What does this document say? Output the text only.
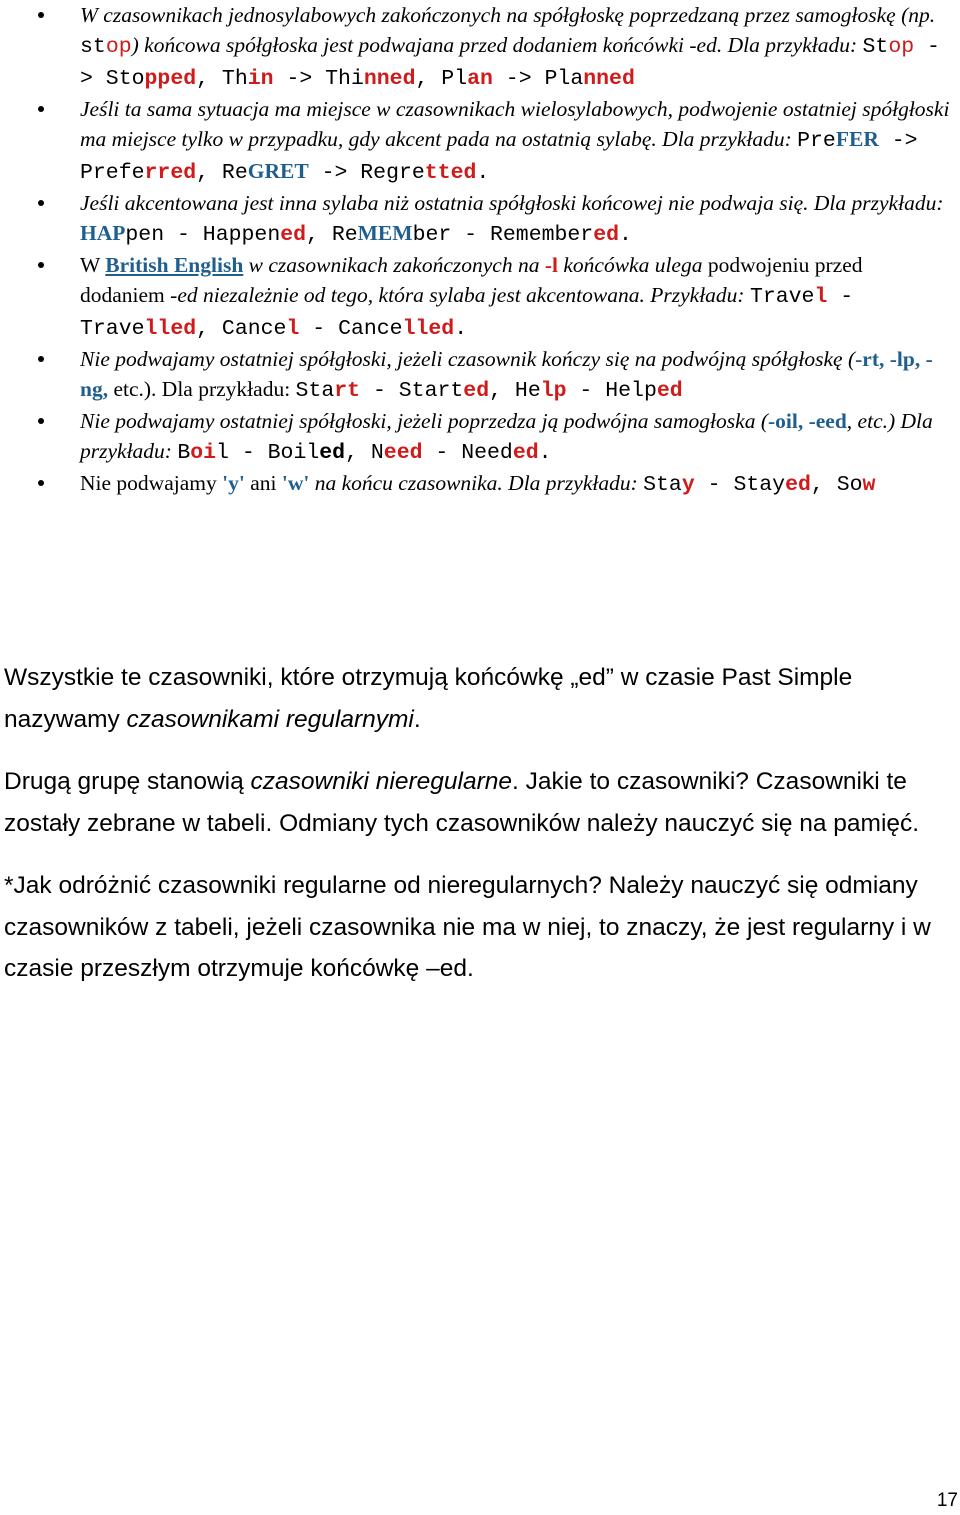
W czasownikach jednosylabowych zakończonych na spółgłoskę poprzedzaną przez samogłoskę (np. stop) końcowa spółgłoska jest podwajana przed dodaniem końcówki -ed. Dla przykładu: Stop -> Stopped, Thin -> Thinned, Plan -> Planned
Jeśli ta sama sytuacja ma miejsce w czasownikach wielosylabowych, podwojenie ostatniej spółgłoski ma miejsce tylko w przypadku, gdy akcent pada na ostatnią sylabę. Dla przykładu: PreFER -> Preferred, ReGRET -> Regretted.
Jeśli akcentowana jest inna sylaba niż ostatnia spółgłoski końcowej nie podwaja się. Dla przykładu: HAPpen - Happened, ReMEMber - Remembered.
W British English w czasownikach zakończonych na -l końcówka ulega podwojeniu przed dodaniem -ed niezależnie od tego, która sylaba jest akcentowana. Przykładu: Travel - Travelled, Cancel - Cancelled.
Nie podwajamy ostatniej spółgłoski, jeżeli czasownik kończy się na podwójną spółgłoskę (-rt, -lp, -ng, etc.). Dla przykładu: Start - Started, Help - Helped
Nie podwajamy ostatniej spółgłoski, jeżeli poprzedza ją podwójna samogłoska (-oil, -eed, etc.) Dla przykładu: Boil - Boiled, Need - Needed.
Nie podwajamy 'y' ani 'w' na końcu czasownika. Dla przykładu: Stay - Stayed, Sow

Wszystkie te czasowniki, które otrzymują końcówkę „ed” w czasie Past Simple nazywamy czasownikami regularnymi.

Drugą grupę stanowią czasowniki nieregularne. Jakie to czasowniki? Czasowniki te zostały zebrane w tabeli. Odmiany tych czasowników należy nauczyć się na pamięć.

*Jak odróżnić czasowniki regularne od nieregularnych? Należy nauczyć się odmiany czasowników z tabeli, jeżeli czasownika nie ma w niej, to znaczy, że jest regularny i w czasie przeszłym otrzymuje końcówkę –ed.

17
